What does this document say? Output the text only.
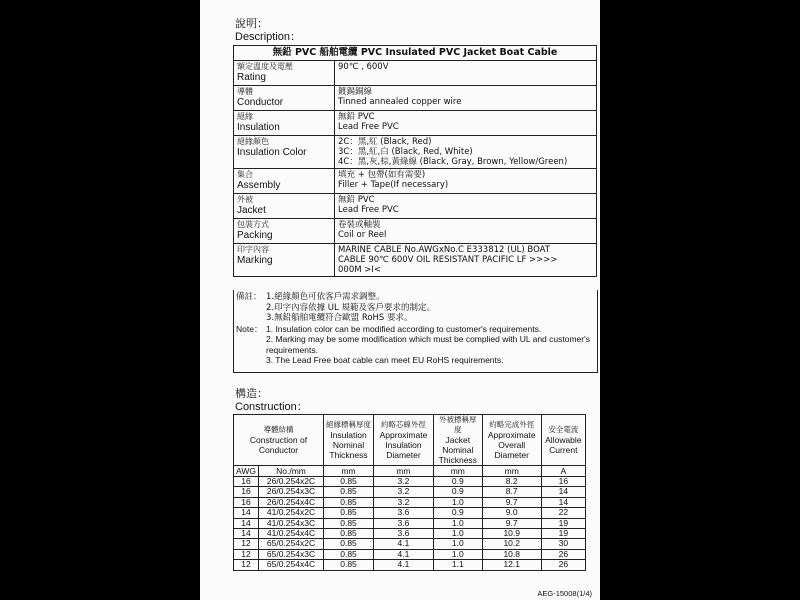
說明：
Description：
無鉛 PVC 船舶電纜 PVC Insulated PVC Jacket Boat Cable	

額定溫度及電壓
Rating	90℃ , 600V

導體
Conductor	鍍錫銅線
Tinned annealed copper wire

絕緣
Insulation	無鉛 PVC
Lead Free PVC

絕緣顏色
Insulation Color	2C：黑,紅 (Black, Red)
3C：黑,紅,白 (Black, Red, White)
4C：黑,灰,棕,黃綠線 (Black, Gray, Brown, Yellow/Green)

集合
Assembly	填充 + 包帶(如有需要)
Filler + Tape(If necessary)

外被
Jacket	無鉛 PVC
Lead Free PVC

包裝方式
Packing	卷裝或軸裝
Coil or Reel

印字內容
Marking	MARINE CABLE No.AWGxNo.C E333812 (UL) BOAT
CABLE 90℃ 600V OIL RESISTANT PACIFIC LF >>>>
000M >I<
備註： 1.絕緣顏色可依客戶需求調整。
2.印字內容依據 UL 規範及客戶要求的制定。
3.無鉛船舶電纜符合歐盟 RoHS 要求。
Note： 1. Insulation color can be modified according to customer's requirements.
2. Marking may be some modification which must be complied with UL and customer's requirements.
3. The Lead Free boat cable can meet EU RoHS requirements.
構造：
Construction：
導體結構
Construction of Conductor		絕緣標稱厚度
Insulation Nominal Thickness	約略芯線外徑
Approximate Insulation Diameter	外被標稱厚度
Jacket Nominal Thickness	約略完成外徑
Approximate Overall Diameter	安全電流
Allowable Current
AWG	No./mm	mm	mm	mm	mm	A
16	26/0.254x2C	0.85	3.2	0.9	8.2	16
16	26/0.254x3C	0.85	3.2	0.9	8.7	14
16	26/0.254x4C	0.85	3.2	1.0	9.7	14
14	41/0.254x2C	0.85	3.6	0.9	9.0	22
14	41/0.254x3C	0.85	3.6	1.0	9.7	19
14	41/0.254x4C	0.85	3.6	1.0	10.9	19
12	65/0.254x2C	0.85	4.1	1.0	10.2	30
12	65/0.254x3C	0.85	4.1	1.0	10.8	26
12	65/0.254x4C	0.85	4.1	1.1	12.1	26
AEG-15008(1/4)
